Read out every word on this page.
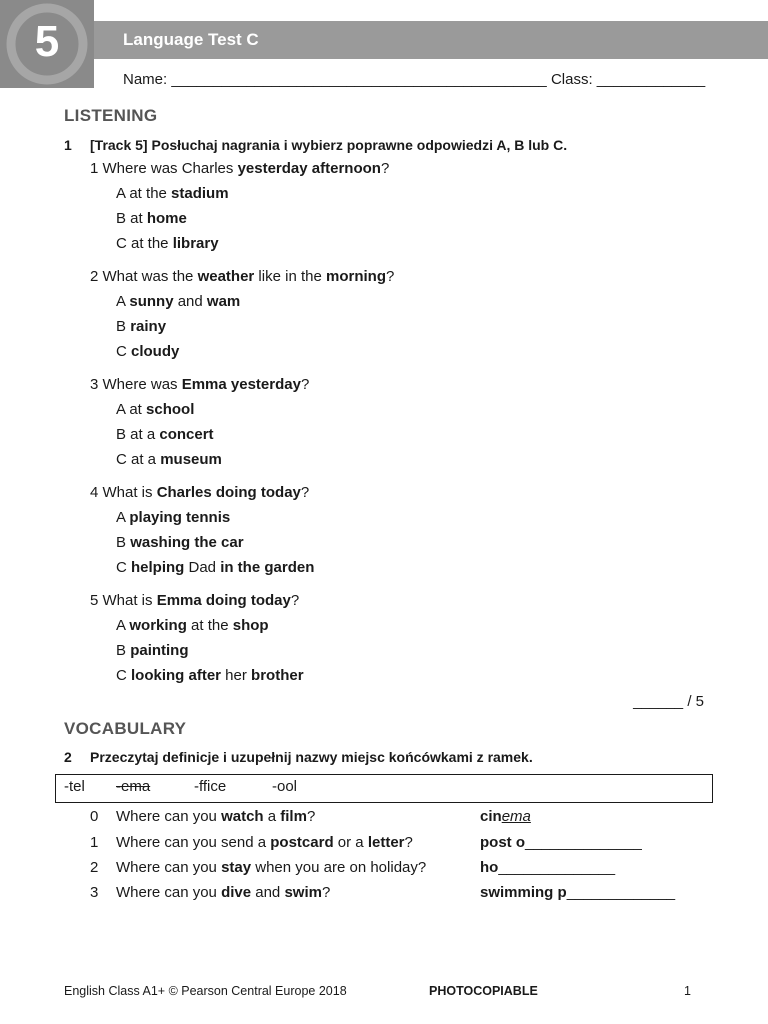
5	Language Test C
Name: _____________________________________________ Class: _____________
LISTENING
1 [Track 5] Posłuchaj nagrania i wybierz poprawne odpowiedzi A, B lub C.
1 Where was Charles yesterday afternoon?
A at the stadium
B at home
C at the library
2 What was the weather like in the morning?
A sunny and wam
B rainy
C cloudy
3 Where was Emma yesterday?
A at school
B at a concert
C at a museum
4 What is Charles doing today?
A playing tennis
B washing the car
C helping Dad in the garden
5 What is Emma doing today?
A working at the shop
B painting
C looking after her brother
______ / 5
VOCABULARY
2 Przeczytaj definicje i uzupełnij nazwy miejsc końcówkami z ramek.
-tel -ema	-ffice	-ool
0 Where can you watch a film?	cinema
1 Where can you send a postcard or a letter?	post o______________
2 Where can you stay when you are on holiday?	ho______________
3 Where can you dive and swim?	swimming p_____________
English Class A1+ © Pearson Central Europe 2018	PHOTOCOPIABLE	1
